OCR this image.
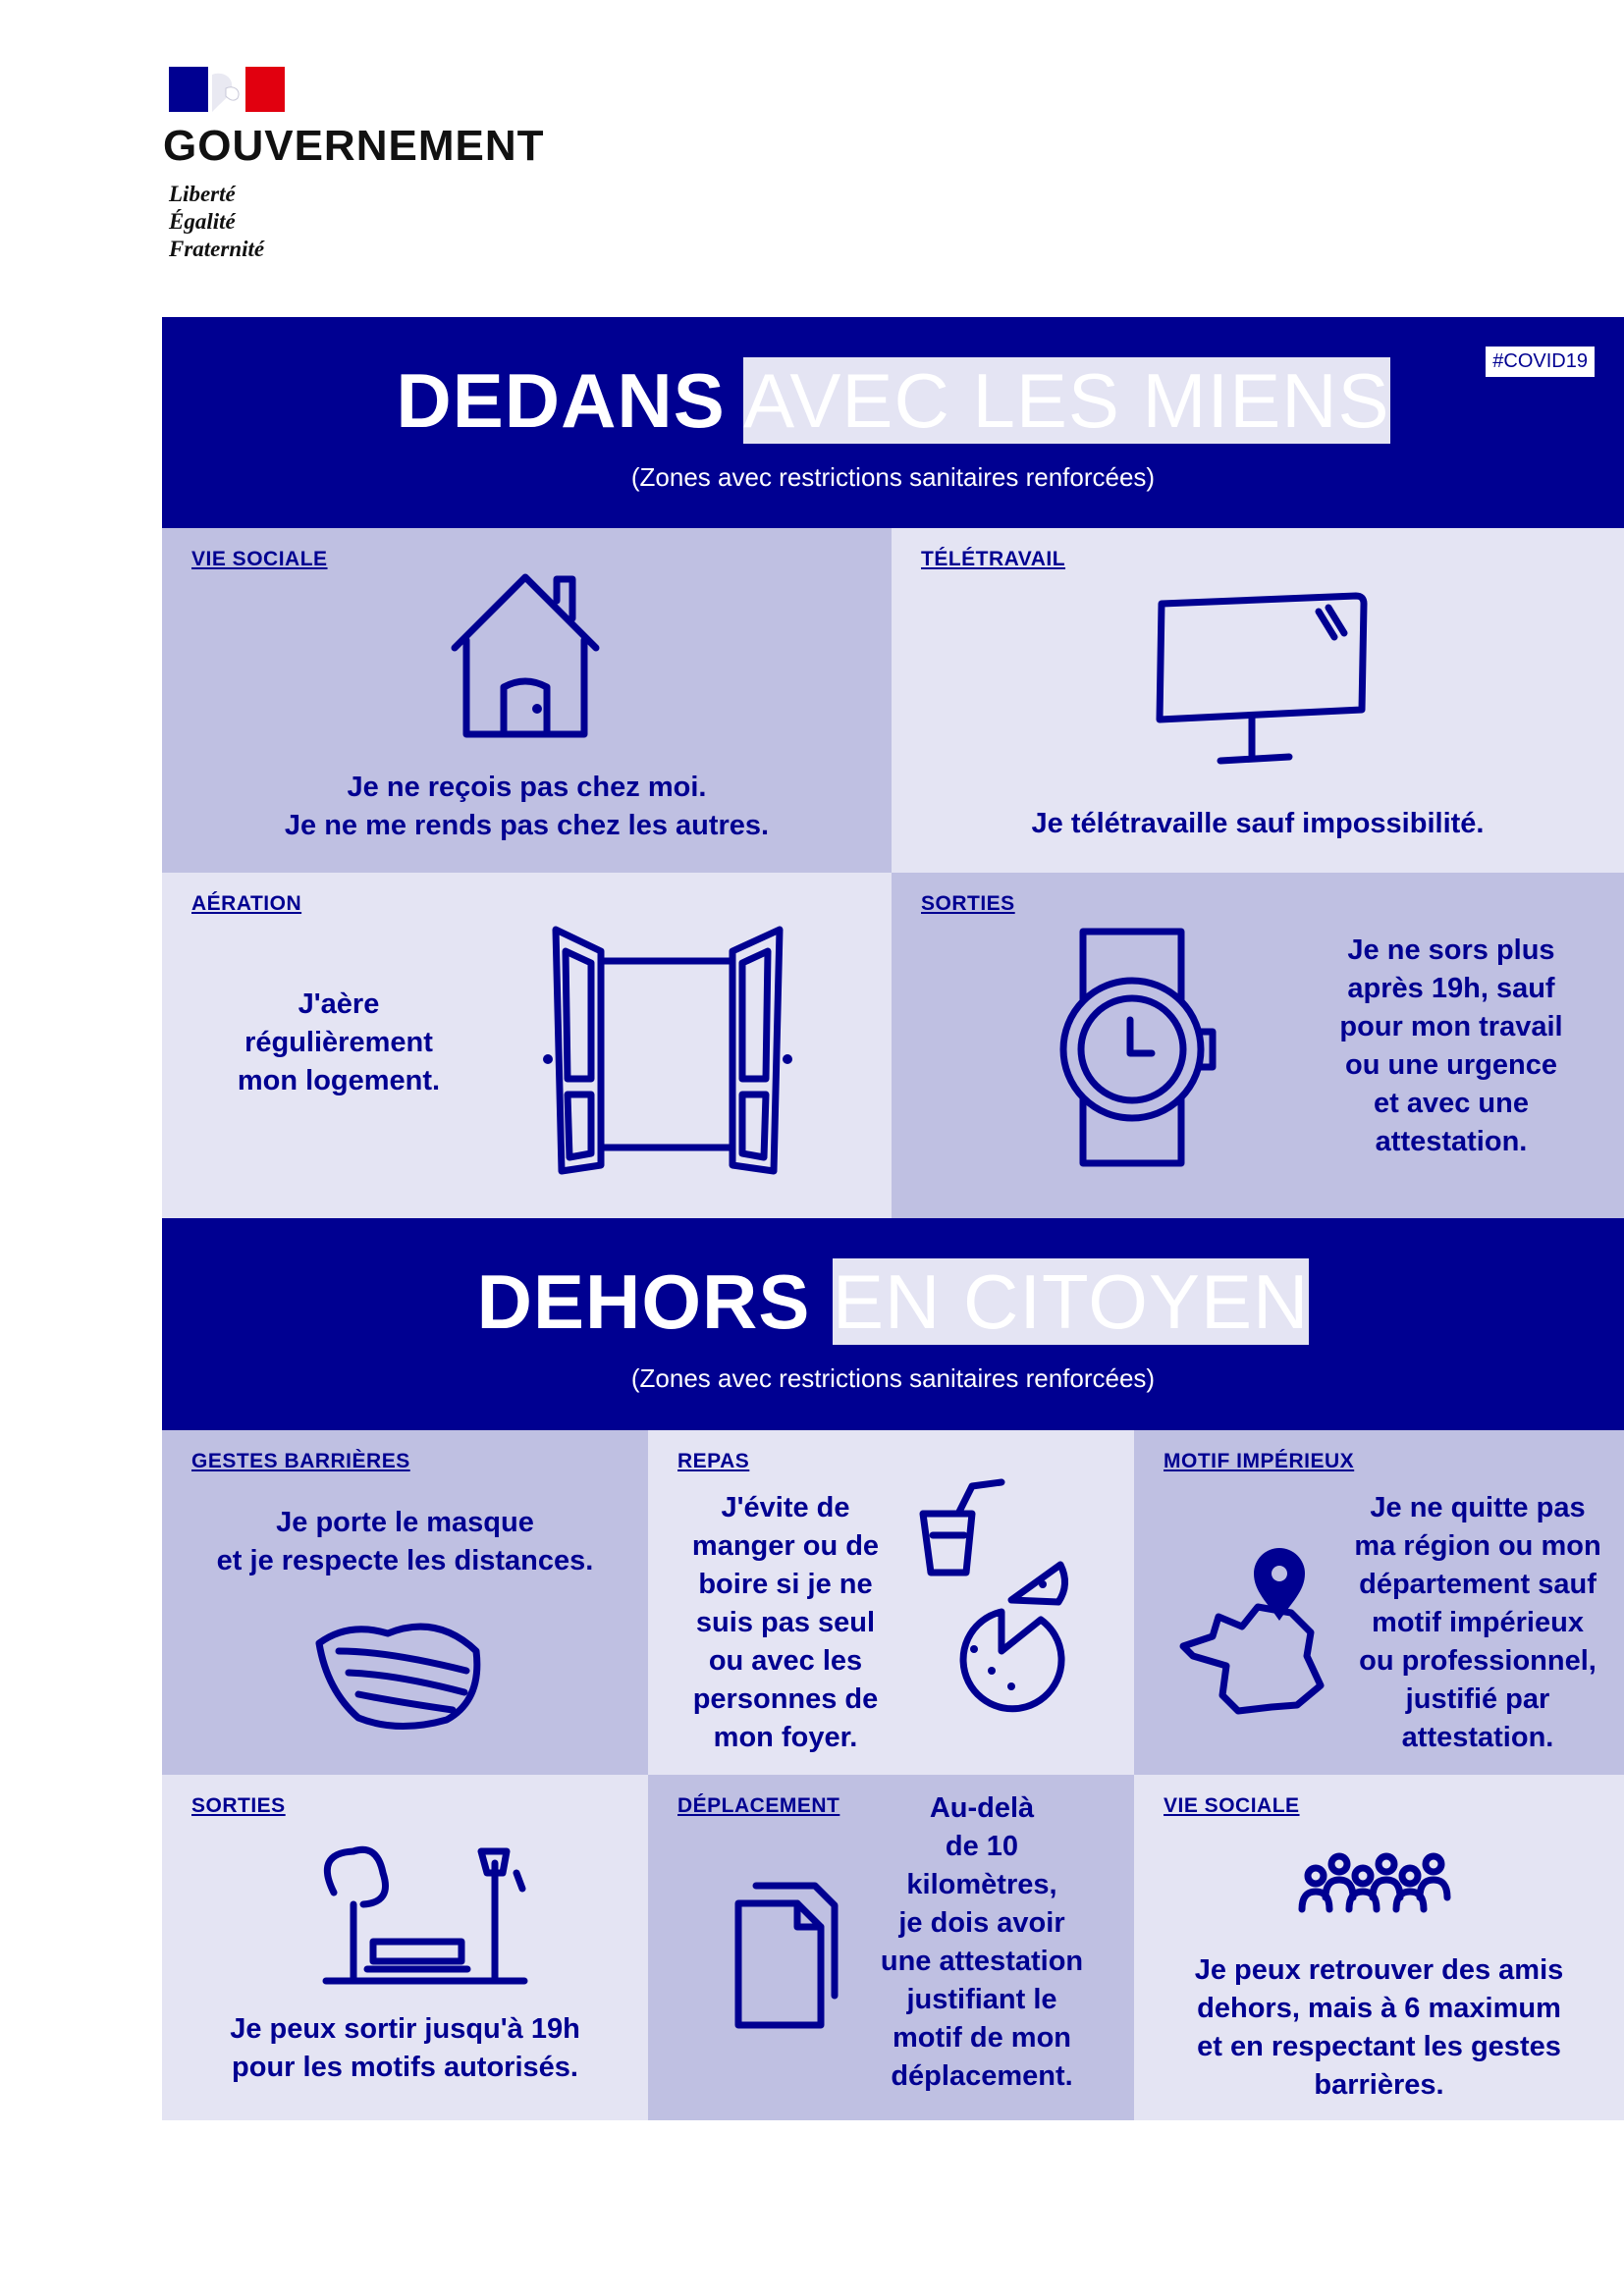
GOUVERNEMENT
Liberté
Égalité
Fraternité
#COVID19
DEDANS AVEC LES MIENS
(Zones avec restrictions sanitaires renforcées)
VIE SOCIALE
Je ne reçois pas chez moi.
Je ne me rends pas chez les autres.
TÉLÉTRAVAIL
Je télétravaille sauf impossibilité.
AÉRATION
J'aère
régulièrement
mon logement.
SORTIES
Je ne sors plus
après 19h, sauf
pour mon travail
ou une urgence
et avec une
attestation.
DEHORS EN CITOYEN
(Zones avec restrictions sanitaires renforcées)
GESTES BARRIÈRES
Je porte le masque
et je respecte les distances.
REPAS
J'évite de
manger ou de
boire si je ne
suis pas seul
ou avec les
personnes de
mon foyer.
MOTIF IMPÉRIEUX
Je ne quitte pas
ma région ou mon
département sauf
motif impérieux
ou professionnel,
justifié par
attestation.
SORTIES
Je peux sortir jusqu'à 19h
pour les motifs autorisés.
DÉPLACEMENT	Au-delà
de 10
kilomètres,
je dois avoir
une attestation
justifiant le
motif de mon
déplacement.
VIE SOCIALE
Je peux retrouver des amis
dehors, mais à 6 maximum
et en respectant les gestes
barrières.
